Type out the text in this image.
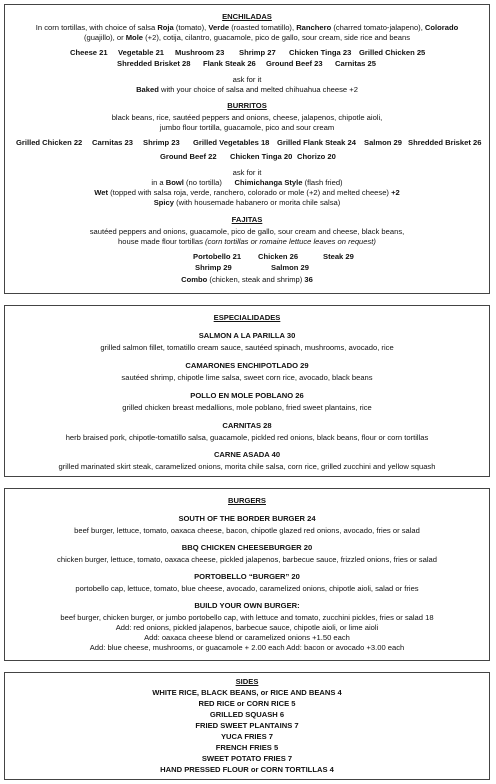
ENCHILADAS
In corn tortillas, with choice of salsa Roja (tomato), Verde (roasted tomatillo), Ranchero (charred tomato-jalapeno), Colorado
(guajillo), or Mole (+2), cotija, cilantro, guacamole, pico de gallo, sour cream, side rice and beans
Cheese 21 Vegetable 21 Mushroom 23 Shrimp 27 Chicken Tinga 23 Grilled Chicken 25
Shredded Brisket 28 Flank Steak 26 Ground Beef 23 Carnitas 25
ask for it
Baked with your choice of salsa and melted chihuahua cheese +2
BURRITOS
black beans, rice, sautéed peppers and onions, cheese, jalapenos, chipotle aioli,
jumbo flour tortilla, guacamole, pico and sour cream
Grilled Chicken 22 Carnitas 23 Shrimp 23 Grilled Vegetables 18 Grilled Flank Steak 24 Salmon 29 Shredded Brisket 26
Ground Beef 22 Chicken Tinga 20 Chorizo 20
ask for it
in a Bowl (no tortilla) Chimichanga Style (flash fried)
Wet (topped with salsa roja, verde, ranchero, colorado or mole (+2) and melted cheese) +2
Spicy (with housemade habanero or morita chile salsa)
FAJITAS
sautéed peppers and onions, guacamole, pico de gallo, sour cream and cheese, black beans,
house made flour tortillas (corn tortillas or romaine lettuce leaves on request)
Portobello 21 Chicken 26	Steak 29
Shrimp 29	Salmon 29
Combo (chicken, steak and shrimp) 36
ESPECIALIDADES
SALMON A LA PARILLA 30
grilled salmon fillet, tomatillo cream sauce, sautéed spinach, mushrooms, avocado, rice
CAMARONES ENCHIPOTLADO 29
sautéed shrimp, chipotle lime salsa, sweet corn rice, avocado, black beans
POLLO EN MOLE POBLANO 26
grilled chicken breast medallions, mole poblano, fried sweet plantains, rice
CARNITAS 28
herb braised pork, chipotle-tomatillo salsa, guacamole, pickled red onions, black beans, flour or corn tortillas
CARNE ASADA 40
grilled marinated skirt steak, caramelized onions, morita chile salsa, corn rice, grilled zucchini and yellow squash
BURGERS
SOUTH OF THE BORDER BURGER 24
beef burger, lettuce, tomato, oaxaca cheese, bacon, chipotle glazed red onions, avocado, fries or salad
BBQ CHICKEN CHEESEBURGER 20
chicken burger, lettuce, tomato, oaxaca cheese, pickled jalapenos, barbecue sauce, frizzled onions, fries or salad
PORTOBELLO “BURGER” 20
portobello cap, lettuce, tomato, blue cheese, avocado, caramelized onions, chipotle aioli, salad or fries
BUILD YOUR OWN BURGER:
beef burger, chicken burger, or jumbo portobello cap, with lettuce and tomato, zucchini pickles, fries or salad 18
Add: red onions, pickled jalapenos, barbecue sauce, chipotle aioli, or lime aioli
Add: oaxaca cheese blend or caramelized onions +1.50 each
Add: blue cheese, mushrooms, or guacamole + 2.00 each Add: bacon or avocado +3.00 each
SIDES
WHITE RICE, BLACK BEANS, or RICE AND BEANS 4
RED RICE or CORN RICE 5
GRILLED SQUASH 6
FRIED SWEET PLANTAINS 7
YUCA FRIES 7
FRENCH FRIES 5
SWEET POTATO FRIES 7
HAND PRESSED FLOUR or CORN TORTILLAS 4
